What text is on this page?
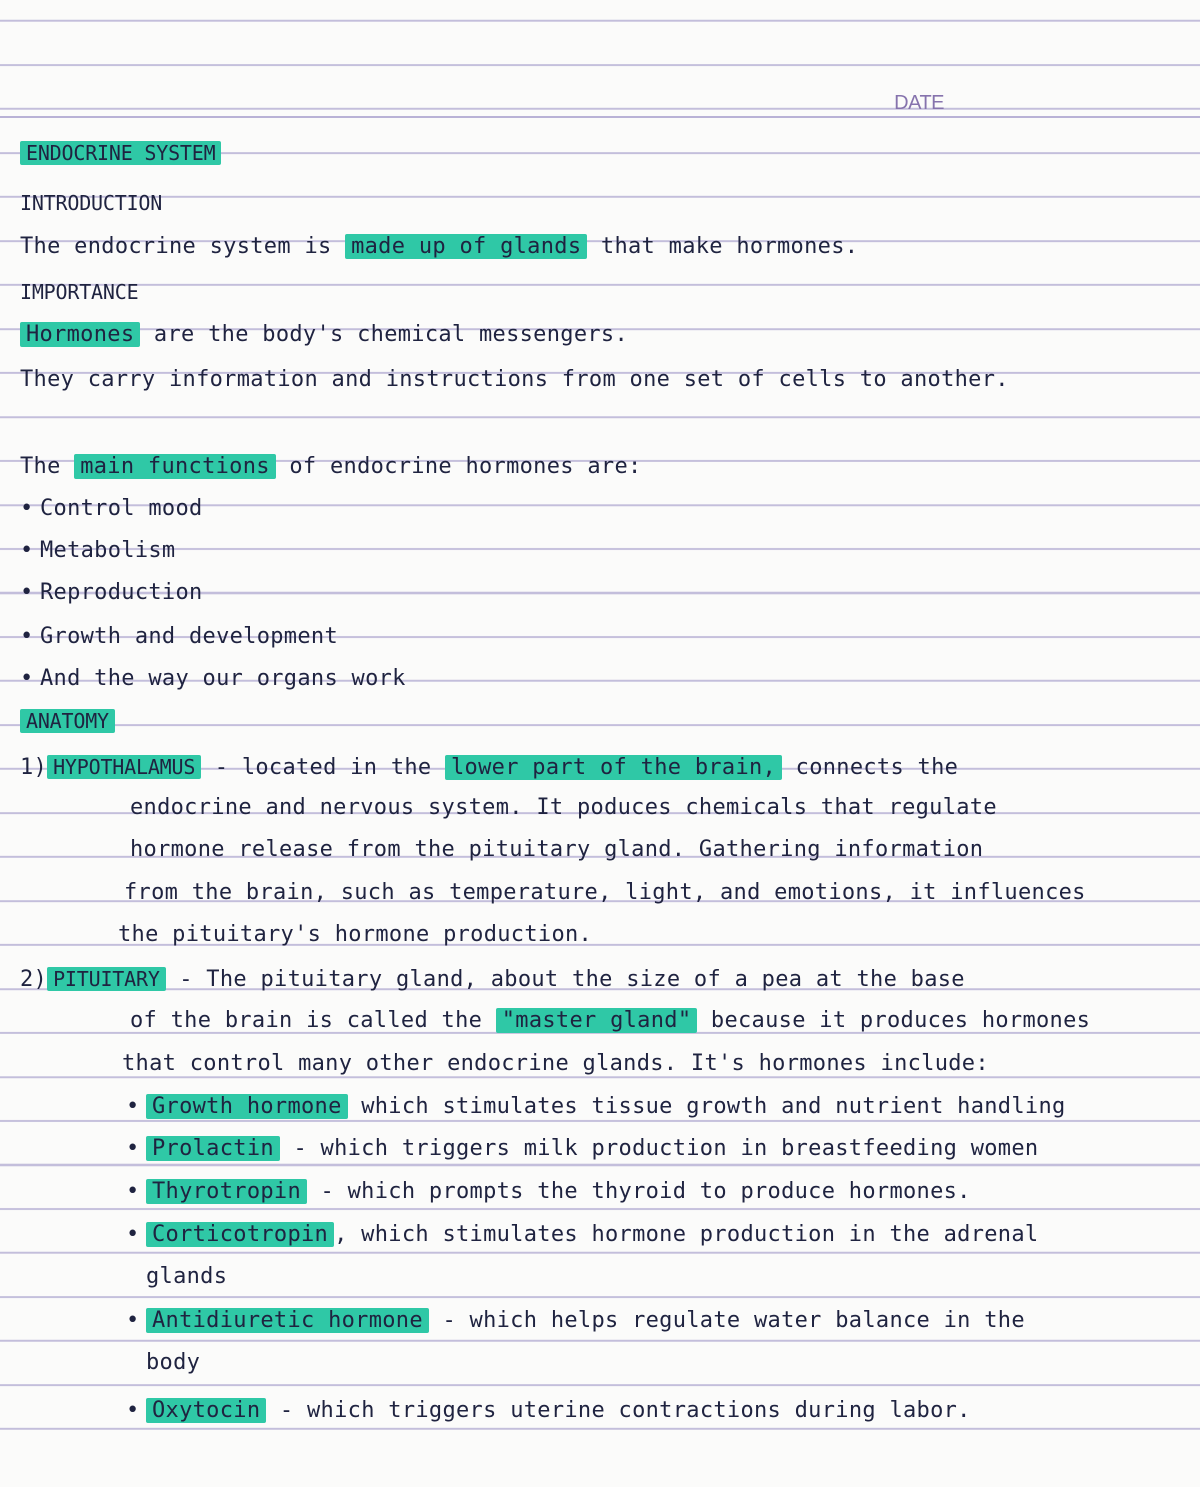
DATE
ENDOCRINE SYSTEM
INTRODUCTION
The endocrine system is made up of glands that make hormones.
IMPORTANCE
Hormones are the body's chemical messengers.
They carry information and instructions from one set of cells to another.
The main functions of endocrine hormones are:
• Control mood
• Metabolism
• Reproduction
• Growth and development
• And the way our organs work
ANATOMY
1) HYPOTHALAMUS - located in the lower part of the brain, connects the
endocrine and nervous system. It poduces chemicals that regulate
hormone release from the pituitary gland. Gathering information
from the brain, such as temperature, light, and emotions, it influences
the pituitary's hormone production.
2) PITUITARY - The pituitary gland, about the size of a pea at the base
of the brain is called the "master gland" because it produces hormones
that control many other endocrine glands. It's hormones include:
• Growth hormone which stimulates tissue growth and nutrient handling
• Prolactin - which triggers milk production in breastfeeding women
• Thyrotropin - which prompts the thyroid to produce hormones.
• Corticotropin , which stimulates hormone production in the adrenal
glands
• Antidiuretic hormone - which helps regulate water balance in the
body
• Oxytocin - which triggers uterine contractions during labor.
